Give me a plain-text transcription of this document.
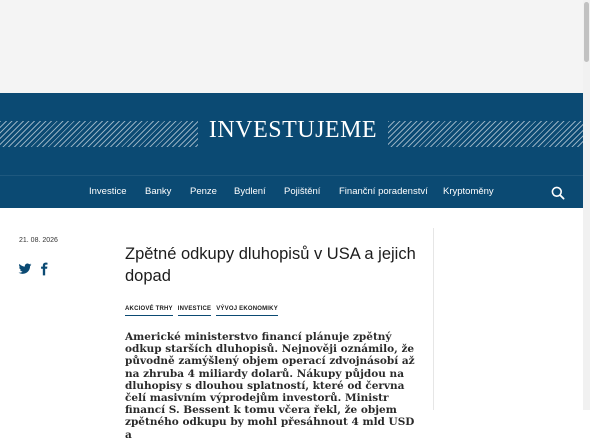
INVESTUJEME
Investice Banky Penze Bydlení Pojištění Finanční poradenství Kryptoměny
21. 08. 2026
Zpětné odkupy dluhopisů v USA a jejich dopad
AKCIOVÉ TRHY INVESTICE VÝVOJ EKONOMIKY

Americké ministerstvo financí plánuje zpětný odkup starších dluhopisů. Nejnověji oznámilo, že původně zamýšlený objem operací zdvojnásobí až na zhruba 4 miliardy dolarů. Nákupy půjdou na dluhopisy s dlouhou splatností, které od června čelí masivním výprodejům investorů. Ministr financí S. Bessent k tomu včera řekl, že objem zpětného odkupu by mohl přesáhnout 4 mld USD a
